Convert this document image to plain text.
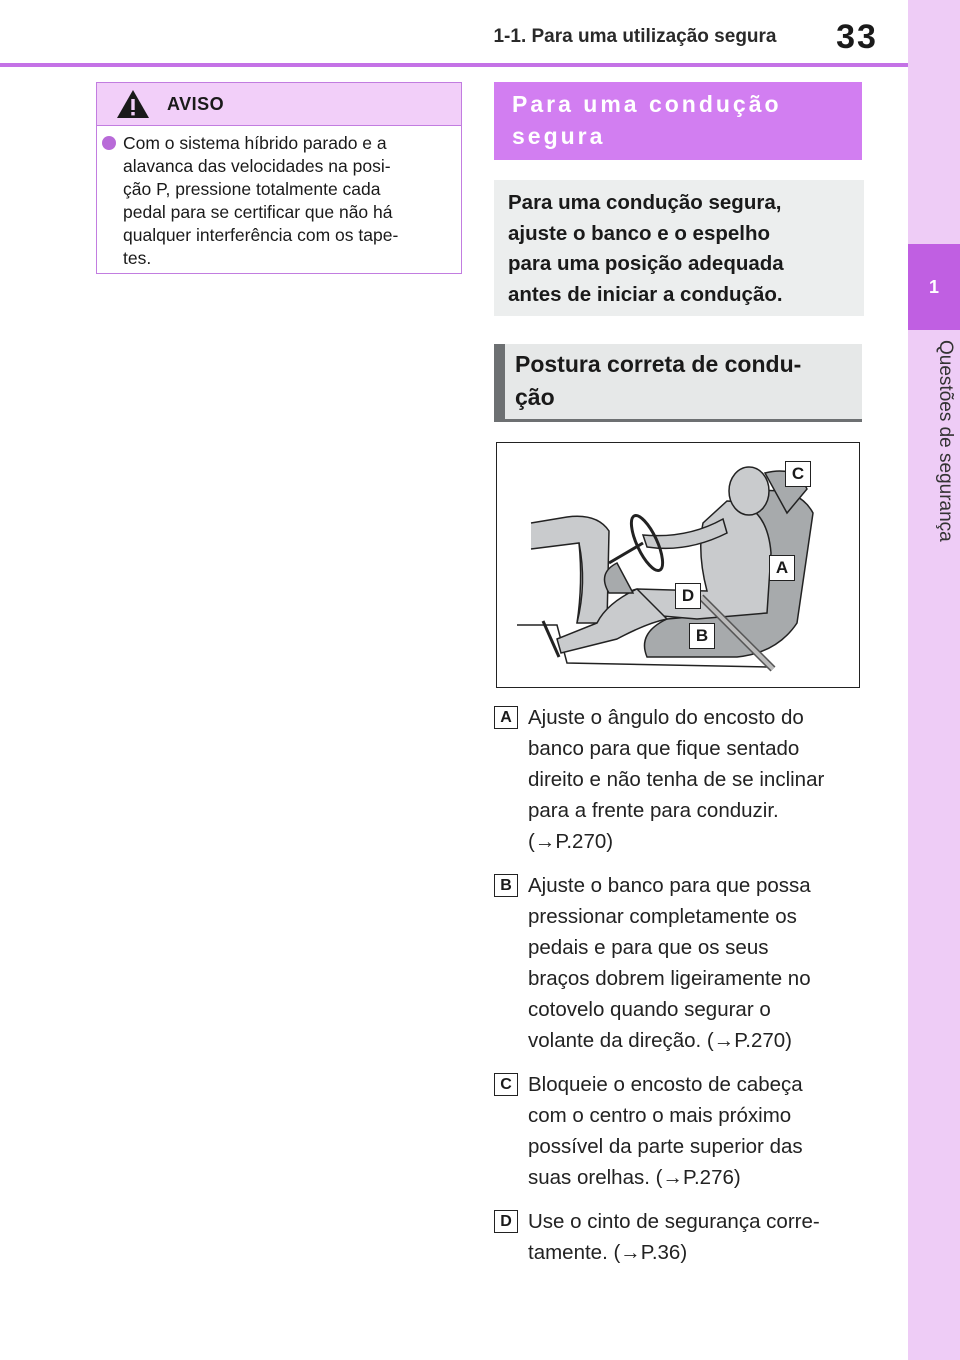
1-1. Para uma utilização segura	33
1
Questões de segurança
AVISO
Com o sistema híbrido parado e a
alavanca das velocidades na posi-
ção P, pressione totalmente cada
pedal para se certificar que não há
qualquer interferência com os tape-
tes.
Para uma condução
segura
Para uma condução segura,
ajuste o banco e o espelho
para uma posição adequada
antes de iniciar a condução.
Postura correta de condu-
ção
C
A
D
B
A Ajuste o ângulo do encosto do
banco para que fique sentado
direito e não tenha de se inclinar
para a frente para conduzir.
(→P.270)
B Ajuste o banco para que possa
pressionar completamente os
pedais e para que os seus
braços dobrem ligeiramente no
cotovelo quando segurar o
volante da direção. (→P.270)
C Bloqueie o encosto de cabeça
com o centro o mais próximo
possível da parte superior das
suas orelhas. (→P.276)
D Use o cinto de segurança corre-
tamente. (→P.36)
